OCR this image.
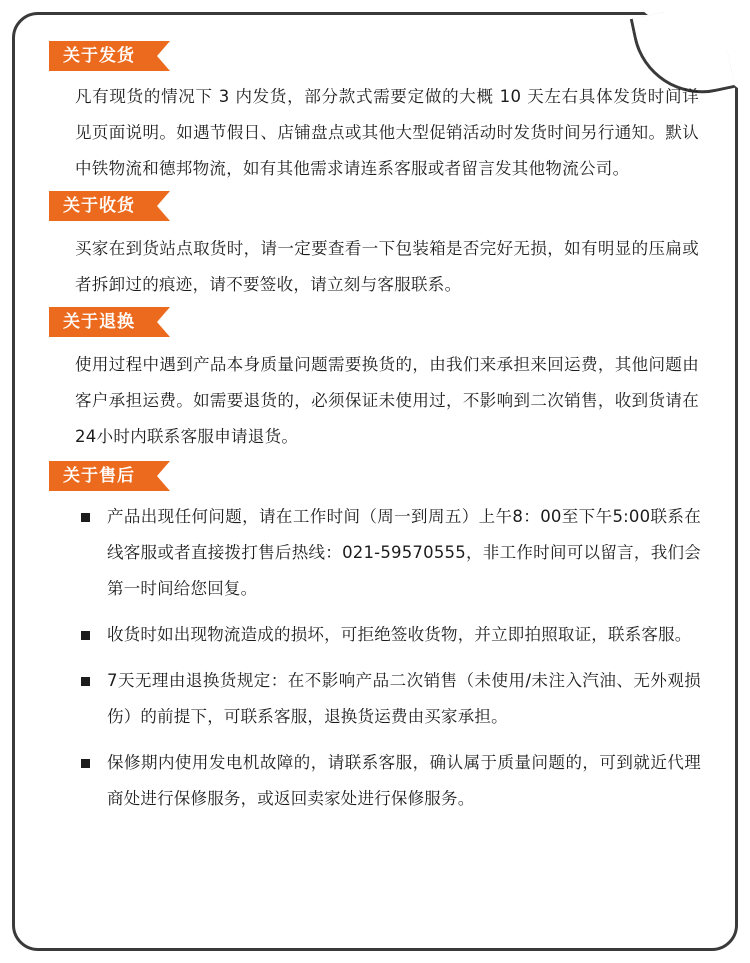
关于发货

凡有现货的情况下 3 内发货，部分款式需要定做的大概 10 天左右具体发货时间详见页面说明。如遇节假日、店铺盘点或其他大型促销活动时发货时间另行通知。默认中铁物流和德邦物流，如有其他需求请连系客服或者留言发其他物流公司。

关于收货

买家在到货站点取货时，请一定要查看一下包装箱是否完好无损，如有明显的压扁或者拆卸过的痕迹，请不要签收，请立刻与客服联系。

关于退换

使用过程中遇到产品本身质量问题需要换货的，由我们来承担来回运费，其他问题由客户承担运费。如需要退货的，必须保证未使用过，不影响到二次销售，收到货请在24小时内联系客服申请退货。

关于售后
产品出现任何问题，请在工作时间（周一到周五）上午8：00至下午5:00联系在线客服或者直接拨打售后热线：021-59570555，非工作时间可以留言，我们会第一时间给您回复。
收货时如出现物流造成的损坏，可拒绝签收货物，并立即拍照取证，联系客服。
7天无理由退换货规定：在不影响产品二次销售（未使用/未注入汽油、无外观损伤）的前提下，可联系客服，退换货运费由买家承担。
保修期内使用发电机故障的，请联系客服，确认属于质量问题的，可到就近代理商处进行保修服务，或返回卖家处进行保修服务。
